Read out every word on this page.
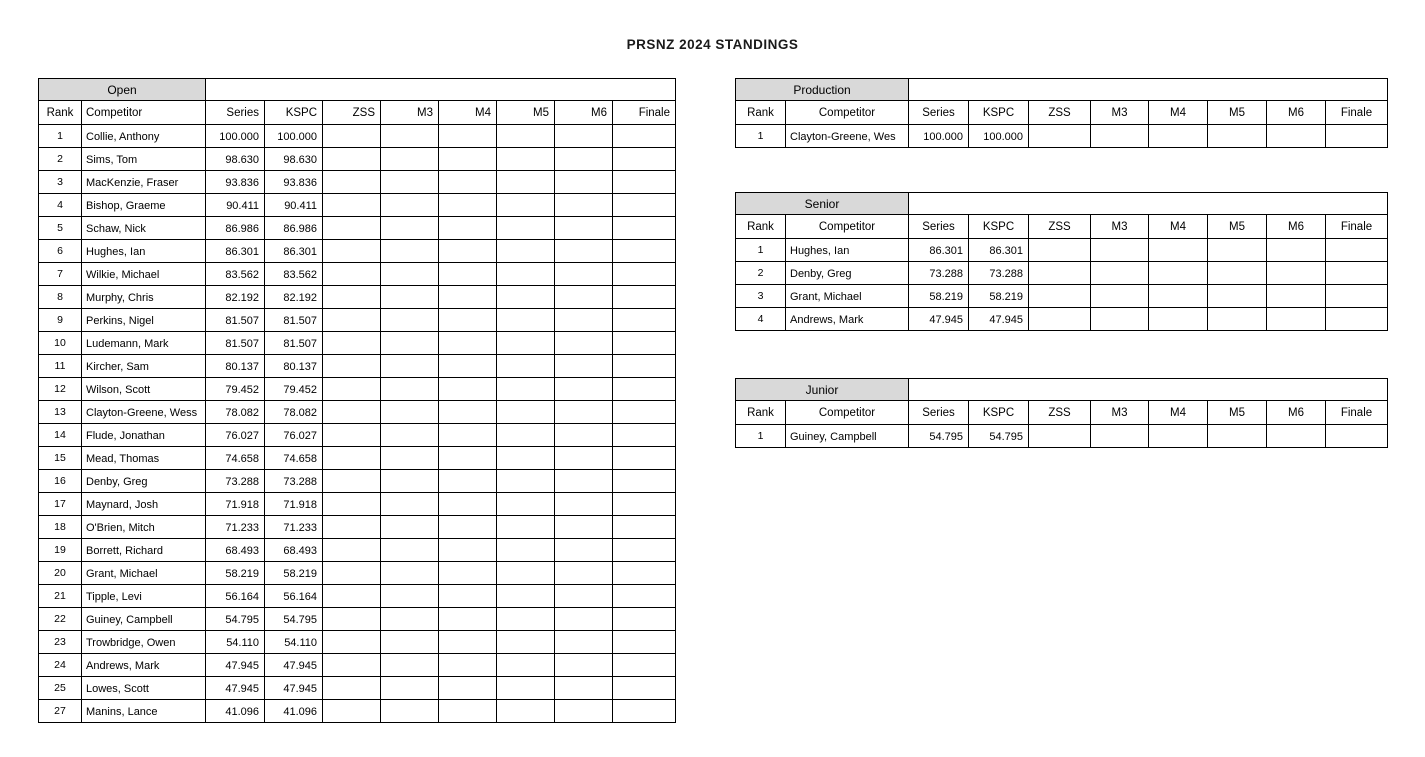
PRSNZ 2024 STANDINGS
Open									
Rank	Competitor	Series	KSPC	ZSS	M3	M4	M5	M6	Finale
1	Collie, Anthony	100.000	100.000						
2	Sims, Tom	98.630	98.630						
3	MacKenzie, Fraser	93.836	93.836						
4	Bishop, Graeme	90.411	90.411						
5	Schaw, Nick	86.986	86.986						
6	Hughes, Ian	86.301	86.301						
7	Wilkie, Michael	83.562	83.562						
8	Murphy, Chris	82.192	82.192						
9	Perkins, Nigel	81.507	81.507						
10	Ludemann, Mark	81.507	81.507						
11	Kircher, Sam	80.137	80.137						
12	Wilson, Scott	79.452	79.452						
13	Clayton-Greene, Wess	78.082	78.082						
14	Flude, Jonathan	76.027	76.027						
15	Mead, Thomas	74.658	74.658						
16	Denby, Greg	73.288	73.288						
17	Maynard, Josh	71.918	71.918						
18	O'Brien, Mitch	71.233	71.233						
19	Borrett, Richard	68.493	68.493						
20	Grant, Michael	58.219	58.219						
21	Tipple, Levi	56.164	56.164						
22	Guiney, Campbell	54.795	54.795						
23	Trowbridge, Owen	54.110	54.110						
24	Andrews, Mark	47.945	47.945						
25	Lowes, Scott	47.945	47.945						
27	Manins, Lance	41.096	41.096						
Production									
Rank	Competitor	Series	KSPC	ZSS	M3	M4	M5	M6	Finale
1	Clayton-Greene, Wes	100.000	100.000						
Senior									
Rank	Competitor	Series	KSPC	ZSS	M3	M4	M5	M6	Finale
1	Hughes, Ian	86.301	86.301						
2	Denby, Greg	73.288	73.288						
3	Grant, Michael	58.219	58.219						
4	Andrews, Mark	47.945	47.945						
Junior									
Rank	Competitor	Series	KSPC	ZSS	M3	M4	M5	M6	Finale
1	Guiney, Campbell	54.795	54.795						
